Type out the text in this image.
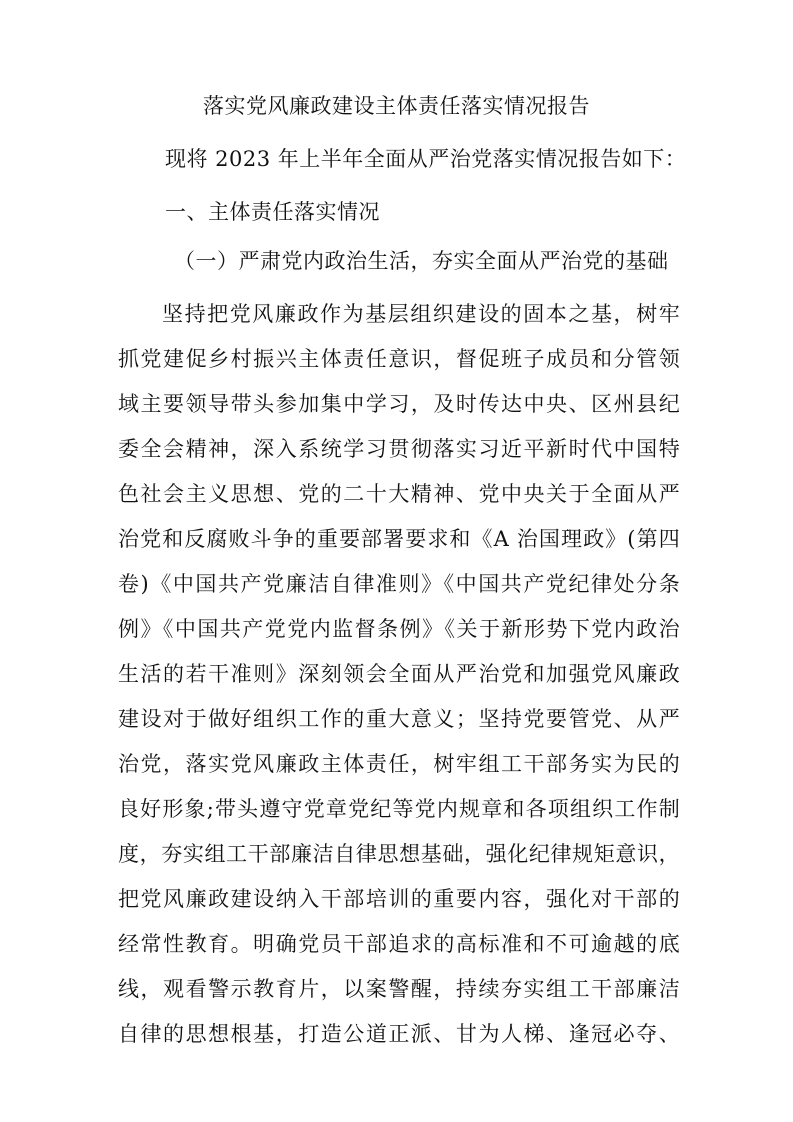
落实党风廉政建设主体责任落实情况报告
现将 2023 年上半年全面从严治党落实情况报告如下：
一、主体责任落实情况
（一）严肃党内政治生活，夯实全面从严治党的基础
坚持把党风廉政作为基层组织建设的固本之基，树牢
抓党建促乡村振兴主体责任意识，督促班子成员和分管领
域主要领导带头参加集中学习，及时传达中央、区州县纪
委全会精神，深入系统学习贯彻落实习近平新时代中国特
色社会主义思想、党的二十大精神、党中央关于全面从严
治党和反腐败斗争的重要部署要求和《A 治国理政》(第四
卷)《中国共产党廉洁自律准则》《中国共产党纪律处分条
例》《中国共产党党内监督条例》《关于新形势下党内政治
生活的若干准则》深刻领会全面从严治党和加强党风廉政
建设对于做好组织工作的重大意义；坚持党要管党、从严
治党，落实党风廉政主体责任，树牢组工干部务实为民的
良好形象;带头遵守党章党纪等党内规章和各项组织工作制
度，夯实组工干部廉洁自律思想基础，强化纪律规矩意识，
把党风廉政建设纳入干部培训的重要内容，强化对干部的
经常性教育。明确党员干部追求的高标准和不可逾越的底
线，观看警示教育片，以案警醒，持续夯实组工干部廉洁
自律的思想根基，打造公道正派、甘为人梯、逢冠必夺、
